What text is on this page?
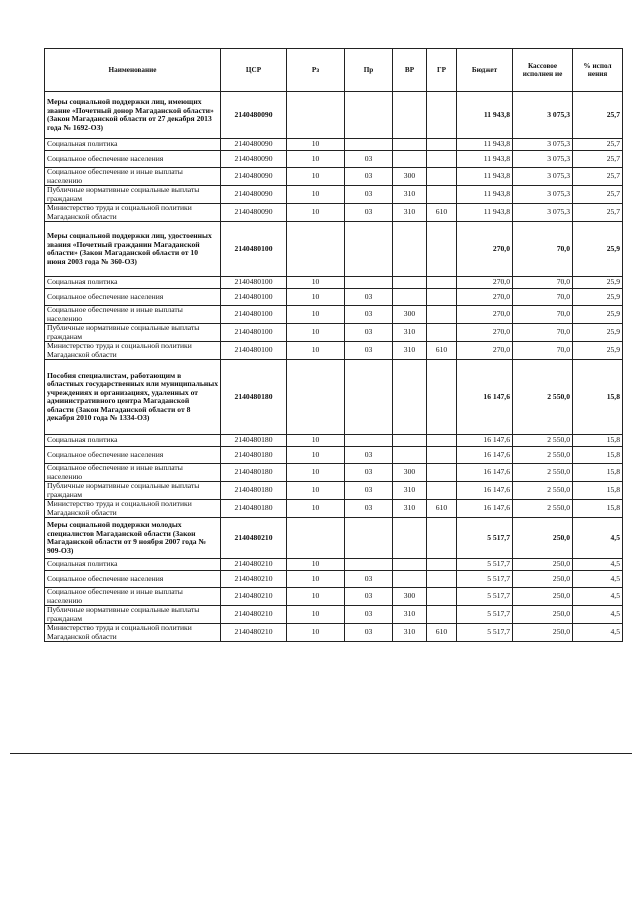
Наименование	ЦСР	Рз	Пр	ВР	ГР	Бюджет	Кассовое исполнен ие	% испол нения
Меры социальной поддержки лиц, имеющих звание «Почетный донор Магаданской области» (Закон Магаданской области от 27 декабря 2013 года № 1692-ОЗ)	2140480090					11 943,8	3 075,3	25,7
Социальная политика	2140480090	10				11 943,8	3 075,3	25,7
Социальное обеспечение населения	2140480090	10	03			11 943,8	3 075,3	25,7
Социальное обеспечение и иные выплаты населению	2140480090	10	03	300		11 943,8	3 075,3	25,7
Публичные нормативные социальные выплаты гражданам	2140480090	10	03	310		11 943,8	3 075,3	25,7
Министерство труда и социальной политики Магаданской области	2140480090	10	03	310	610	11 943,8	3 075,3	25,7
Меры социальной поддержки лиц, удостоенных звания «Почетный гражданин Магаданской области» (Закон Магаданской области от 10 июня 2003 года № 360-ОЗ)	2140480100					270,0	70,0	25,9
Социальная политика	2140480100	10				270,0	70,0	25,9
Социальное обеспечение населения	2140480100	10	03			270,0	70,0	25,9
Социальное обеспечение и иные выплаты населению	2140480100	10	03	300		270,0	70,0	25,9
Публичные нормативные социальные выплаты гражданам	2140480100	10	03	310		270,0	70,0	25,9
Министерство труда и социальной политики Магаданской области	2140480100	10	03	310	610	270,0	70,0	25,9
Пособия специалистам, работающим в областных государственных или муниципальных учреждениях и организациях, удаленных от административного центра Магаданской области (Закон Магаданской области от 8 декабря 2010 года № 1334-ОЗ)	2140480180					16 147,6	2 550,0	15,8
Социальная политика	2140480180	10				16 147,6	2 550,0	15,8
Социальное обеспечение населения	2140480180	10	03			16 147,6	2 550,0	15,8
Социальное обеспечение и иные выплаты населению	2140480180	10	03	300		16 147,6	2 550,0	15,8
Публичные нормативные социальные выплаты гражданам	2140480180	10	03	310		16 147,6	2 550,0	15,8
Министерство труда и социальной политики Магаданской области	2140480180	10	03	310	610	16 147,6	2 550,0	15,8
Меры социальной поддержки молодых специалистов Магаданской области (Закон Магаданской области от 9 ноября 2007 года № 909-ОЗ)	2140480210					5 517,7	250,0	4,5
Социальная политика	2140480210	10				5 517,7	250,0	4,5
Социальное обеспечение населения	2140480210	10	03			5 517,7	250,0	4,5
Социальное обеспечение и иные выплаты населению	2140480210	10	03	300		5 517,7	250,0	4,5
Публичные нормативные социальные выплаты гражданам	2140480210	10	03	310		5 517,7	250,0	4,5
Министерство труда и социальной политики Магаданской области	2140480210	10	03	310	610	5 517,7	250,0	4,5
